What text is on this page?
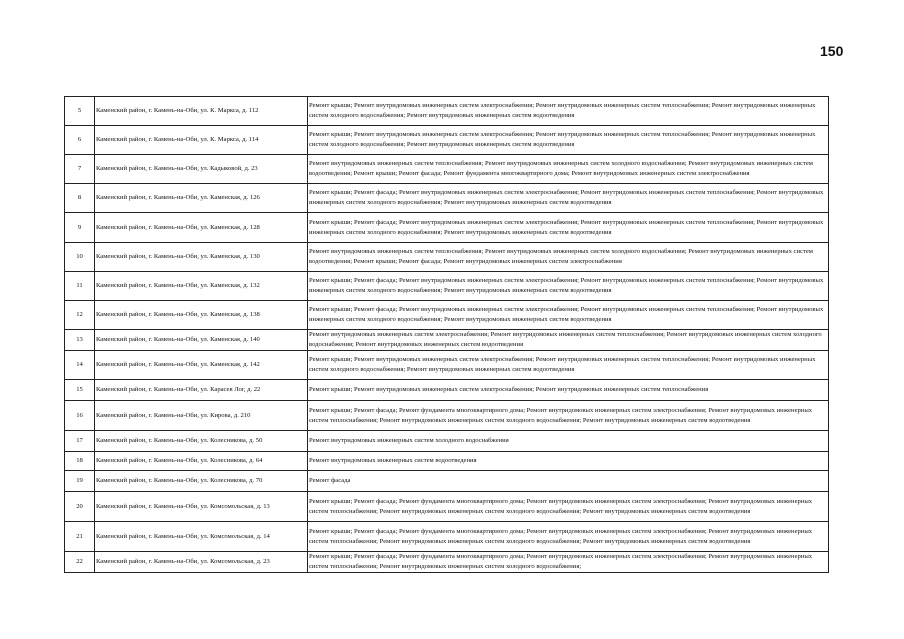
150
5	Каменский район, г. Камень-на-Оби, ул. К. Маркса, д. 112	Ремонт крыши; Ремонт внутридомовых инженерных систем электроснабжения; Ремонт внутридомовых инженерных систем теплоснабжения; Ремонт внутридомовых инженерных систем холодного водоснабжения; Ремонт внутридомовых инженерных систем водоотведения
6	Каменский район, г. Камень-на-Оби, ул. К. Маркса, д. 114	Ремонт крыши; Ремонт внутридомовых инженерных систем электроснабжения; Ремонт внутридомовых инженерных систем теплоснабжения; Ремонт внутридомовых инженерных систем холодного водоснабжения; Ремонт внутридомовых инженерных систем водоотведения
7	Каменский район, г. Камень-на-Оби, ул. Кадыковой, д. 23	Ремонт внутридомовых инженерных систем теплоснабжения; Ремонт внутридомовых инженерных систем холодного водоснабжения; Ремонт внутридомовых инженерных систем водоотведения; Ремонт крыши; Ремонт фасада; Ремонт фундамента многоквартирного дома; Ремонт внутридомовых инженерных систем электроснабжения
8	Каменский район, г. Камень-на-Оби, ул. Каменская, д. 126	Ремонт крыши; Ремонт фасада; Ремонт внутридомовых инженерных систем электроснабжения; Ремонт внутридомовых инженерных систем теплоснабжения; Ремонт внутридомовых инженерных систем холодного водоснабжения; Ремонт внутридомовых инженерных систем водоотведения
9	Каменский район, г. Камень-на-Оби, ул. Каменская, д. 128	Ремонт крыши; Ремонт фасада; Ремонт внутридомовых инженерных систем электроснабжения; Ремонт внутридомовых инженерных систем теплоснабжения; Ремонт внутридомовых инженерных систем холодного водоснабжения; Ремонт внутридомовых инженерных систем водоотведения
10	Каменский район, г. Камень-на-Оби, ул. Каменская, д. 130	Ремонт внутридомовых инженерных систем теплоснабжения; Ремонт внутридомовых инженерных систем холодного водоснабжения; Ремонт внутридомовых инженерных систем водоотведения; Ремонт крыши; Ремонт фасада; Ремонт внутридомовых инженерных систем электроснабжения
11	Каменский район, г. Камень-на-Оби, ул. Каменская, д. 132	Ремонт крыши; Ремонт фасада; Ремонт внутридомовых инженерных систем электроснабжения; Ремонт внутридомовых инженерных систем теплоснабжения; Ремонт внутридомовых инженерных систем холодного водоснабжения; Ремонт внутридомовых инженерных систем водоотведения
12	Каменский район, г. Камень-на-Оби, ул. Каменская, д. 138	Ремонт крыши; Ремонт фасада; Ремонт внутридомовых инженерных систем электроснабжения; Ремонт внутридомовых инженерных систем теплоснабжения; Ремонт внутридомовых инженерных систем холодного водоснабжения; Ремонт внутридомовых инженерных систем водоотведения
13	Каменский район, г. Камень-на-Оби, ул. Каменская, д. 140	Ремонт внутридомовых инженерных систем электроснабжения; Ремонт внутридомовых инженерных систем теплоснабжения; Ремонт внутридомовых инженерных систем холодного водоснабжения; Ремонт внутридомовых инженерных систем водоотведения
14	Каменский район, г. Камень-на-Оби, ул. Каменская, д. 142	Ремонт крыши; Ремонт внутридомовых инженерных систем электроснабжения; Ремонт внутридомовых инженерных систем теплоснабжения; Ремонт внутридомовых инженерных систем холодного водоснабжения; Ремонт внутридомовых инженерных систем водоотведения
15	Каменский район, г. Камень-на-Оби, ул. Карасев Лог, д. 22	Ремонт крыши; Ремонт внутридомовых инженерных систем электроснабжения; Ремонт внутридомовых инженерных систем теплоснабжения
16	Каменский район, г. Камень-на-Оби, ул. Кирова, д. 210	Ремонт крыши; Ремонт фасада; Ремонт фундамента многоквартирного дома; Ремонт внутридомовых инженерных систем электроснабжения; Ремонт внутридомовых инженерных систем теплоснабжения; Ремонт внутридомовых инженерных систем холодного водоснабжения; Ремонт внутридомовых инженерных систем водоотведения
17	Каменский район, г. Камень-на-Оби, ул. Колесникова, д. 50	Ремонт внутридомовых инженерных систем холодного водоснабжения
18	Каменский район, г. Камень-на-Оби, ул. Колесникова, д. 64	Ремонт внутридомовых инженерных систем водоотведения
19	Каменский район, г. Камень-на-Оби, ул. Колесникова, д. 70	Ремонт фасада
20	Каменский район, г. Камень-на-Оби, ул. Комсомольская, д. 13	Ремонт крыши; Ремонт фасада; Ремонт фундамента многоквартирного дома; Ремонт внутридомовых инженерных систем электроснабжения; Ремонт внутридомовых инженерных систем теплоснабжения; Ремонт внутридомовых инженерных систем холодного водоснабжения; Ремонт внутридомовых инженерных систем водоотведения
21	Каменский район, г. Камень-на-Оби, ул. Комсомольская, д. 14	Ремонт крыши; Ремонт фасада; Ремонт фундамента многоквартирного дома; Ремонт внутридомовых инженерных систем электроснабжения; Ремонт внутридомовых инженерных систем теплоснабжения; Ремонт внутридомовых инженерных систем холодного водоснабжения; Ремонт внутридомовых инженерных систем водоотведения
22	Каменский район, г. Камень-на-Оби, ул. Комсомольская, д. 23	Ремонт крыши; Ремонт фасада; Ремонт фундамента многоквартирного дома; Ремонт внутридомовых инженерных систем электроснабжения; Ремонт внутридомовых инженерных систем теплоснабжения; Ремонт внутридомовых инженерных систем холодного водоснабжения;
